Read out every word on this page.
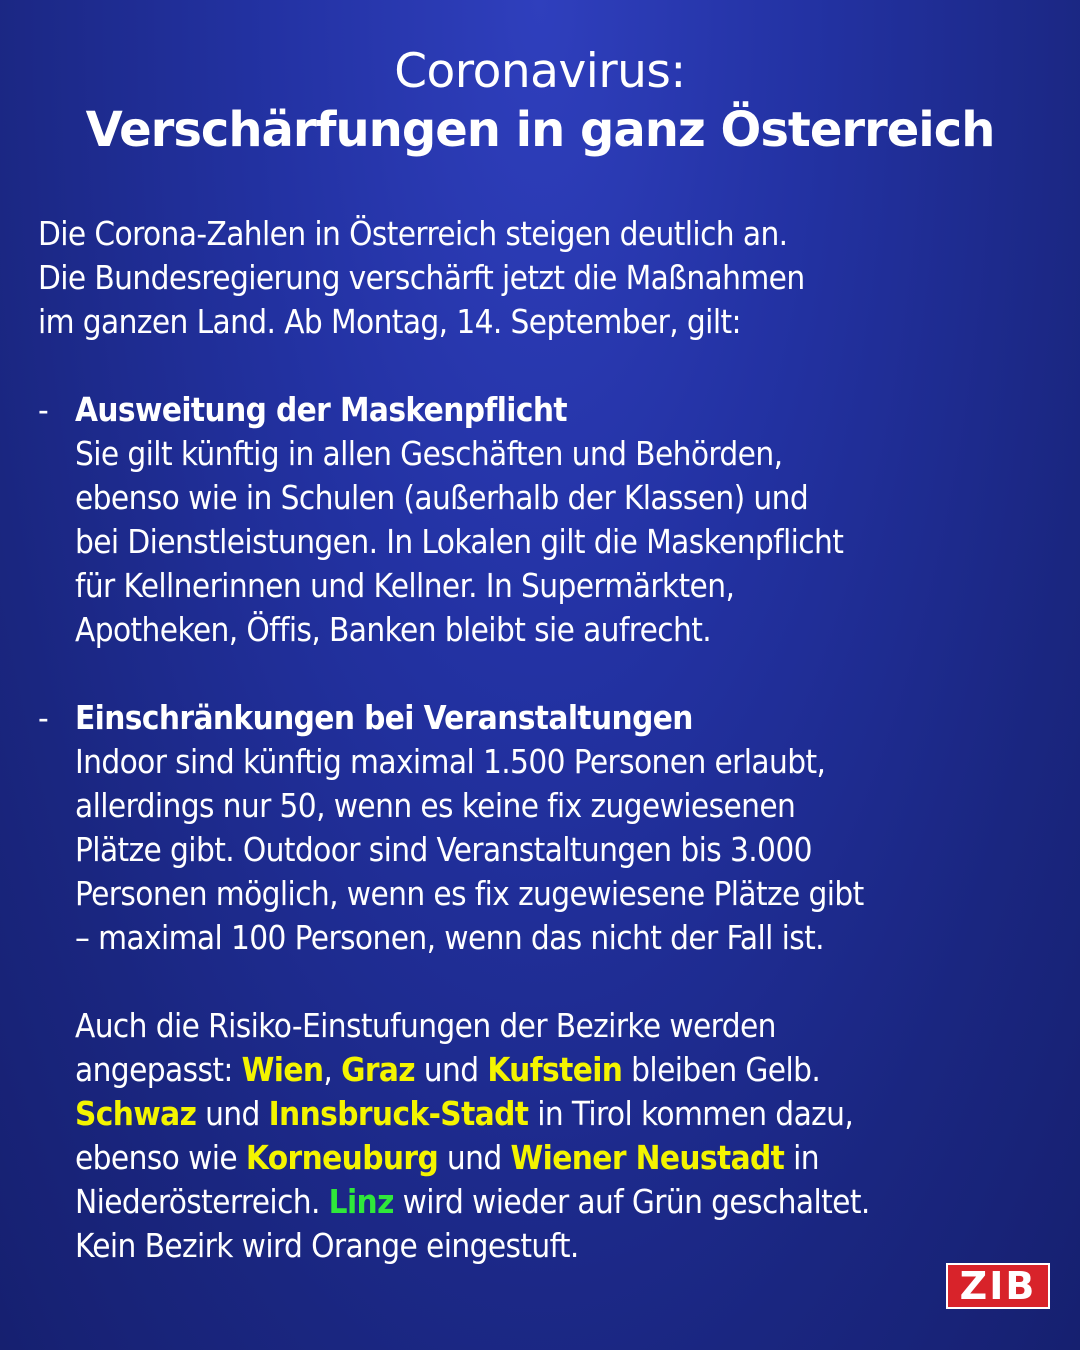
Coronavirus:
Verschärfungen in ganz Österreich
Die Corona-Zahlen in Österreich steigen deutlich an.
Die Bundesregierung verschärft jetzt die Maßnahmen
im ganzen Land. Ab Montag, 14. September, gilt:
- Ausweitung der Maskenpflicht
Sie gilt künftig in allen Geschäften und Behörden,
ebenso wie in Schulen (außerhalb der Klassen) und
bei Dienstleistungen. In Lokalen gilt die Maskenpflicht
für Kellnerinnen und Kellner. In Supermärkten,
Apotheken, Öffis, Banken bleibt sie aufrecht.
- Einschränkungen bei Veranstaltungen
Indoor sind künftig maximal 1.500 Personen erlaubt,
allerdings nur 50, wenn es keine fix zugewiesenen
Plätze gibt. Outdoor sind Veranstaltungen bis 3.000
Personen möglich, wenn es fix zugewiesene Plätze gibt
– maximal 100 Personen, wenn das nicht der Fall ist.
Auch die Risiko-Einstufungen der Bezirke werden
angepasst: Wien, Graz und Kufstein bleiben Gelb.
Schwaz und Innsbruck-Stadt in Tirol kommen dazu,
ebenso wie Korneuburg und Wiener Neustadt in
Niederösterreich. Linz wird wieder auf Grün geschaltet.
Kein Bezirk wird Orange eingestuft.
ZIB
